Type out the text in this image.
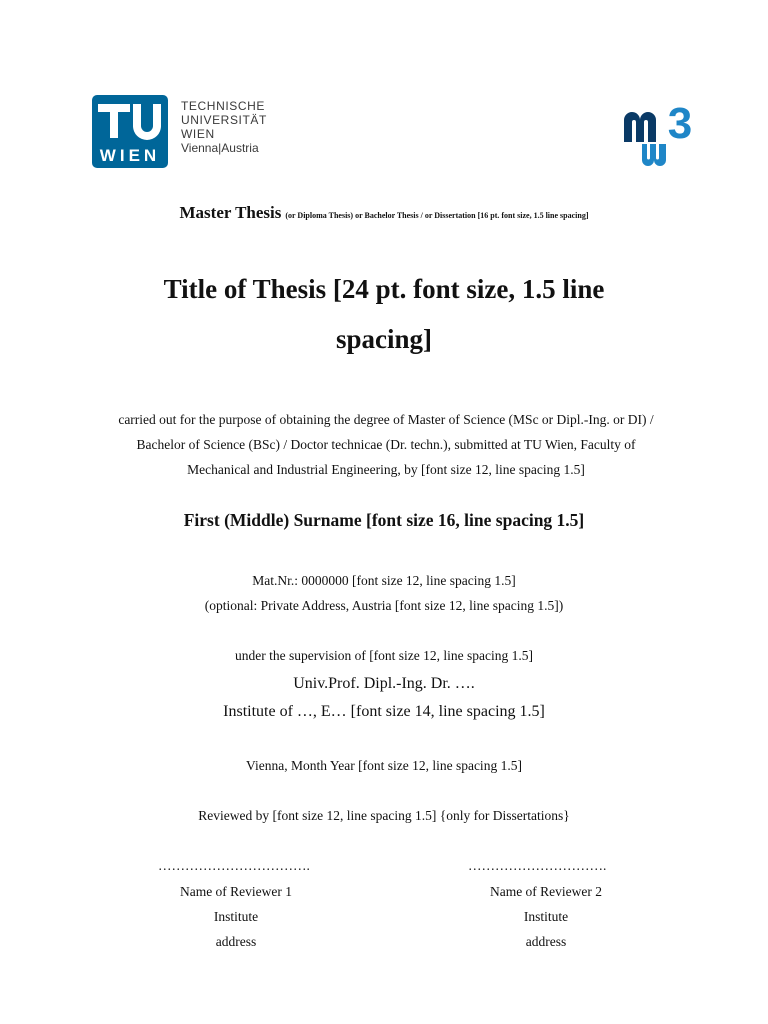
WIEN
TECHNISCHE
UNIVERSITÄT
WIEN
Vienna|Austria	3
Master Thesis (or Diploma Thesis) or Bachelor Thesis / or Dissertation [16 pt. font size, 1.5 line spacing]
Title of Thesis [24 pt. font size, 1.5 line
spacing]
carried out for the purpose of obtaining the degree of Master of Science (MSc or Dipl.-Ing. or DI) /
Bachelor of Science (BSc) / Doctor technicae (Dr. techn.), submitted at TU Wien, Faculty of
Mechanical and Industrial Engineering, by [font size 12, line spacing 1.5]
First (Middle) Surname [font size 16, line spacing 1.5]
Mat.Nr.: 0000000 [font size 12, line spacing 1.5]
(optional: Private Address, Austria [font size 12, line spacing 1.5])
under the supervision of [font size 12, line spacing 1.5]
Univ.Prof. Dipl.-Ing. Dr. ….
Institute of …, E… [font size 14, line spacing 1.5]
Vienna, Month Year [font size 12, line spacing 1.5]
Reviewed by [font size 12, line spacing 1.5] {only for Dissertations}
…………………………….	………………………….
Name of Reviewer 1
Institute
address
Name of Reviewer 2
Institute
address
